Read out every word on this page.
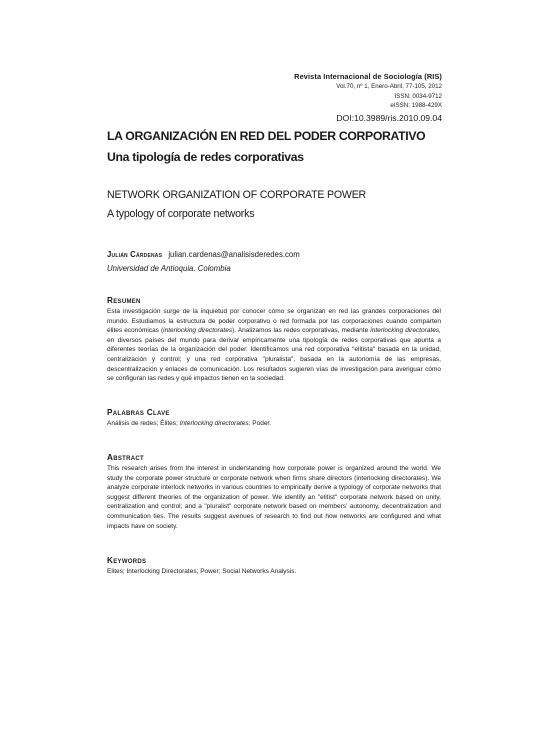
Revista Internacional de Sociología (RIS)
Vol.70, nº 1, Enero-Abril, 77-105, 2012
ISSN: 0034-9712
eISSN: 1988-429X
DOI:10.3989/ris.2010.09.04
LA ORGANIZACIÓN EN RED DEL PODER CORPORATIVO
Una tipología de redes corporativas
NETWORK ORGANIZATION OF CORPORATE POWER
A typology of corporate networks
Julián Cárdenas julian.cardenas@analisisderedes.com
Universidad de Antioquia. Colombia
Resumen
Esta investigación surge de la inquietud por conocer cómo se organizan en red las grandes corporaciones del mundo. Estudiamos la estructura de poder corporativo o red formada por las corporaciones cuando comparten élites económicas (interlocking directorates). Analizamos las redes corporativas, mediante interlocking directorates, en diversos países del mundo para derivar empíricamente una tipología de redes corporativas que apunta a diferentes teorías de la organización del poder. Identificamos una red corporativa "elitista" basada en la unidad, centralización y control; y una red corporativa "pluralista", basada en la autonomía de las empresas, descentralización y enlaces de comunicación. Los resultados sugieren vías de investigación para averiguar cómo se configuran las redes y qué impactos tienen en la sociedad.
Palabras Clave
Análisis de redes; Élites; Interlocking directorates; Poder.
Abstract
This research arises from the interest in understanding how corporate power is organized around the world. We study the corporate power structure or corporate network when firms share directors (interlocking directorates). We analyze corporate interlock networks in various countries to empirically derive a typology of corporate networks that suggest different theories of the organization of power. We identify an "elitist" corporate network based on unity, centralization and control; and a "pluralist" corporate network based on members' autonomy, decentralization and communication ties. The results suggest avenues of research to find out how networks are configured and what impacts have on society.
Keywords
Elites; Interlocking Directorates; Power; Social Networks Analysis.
